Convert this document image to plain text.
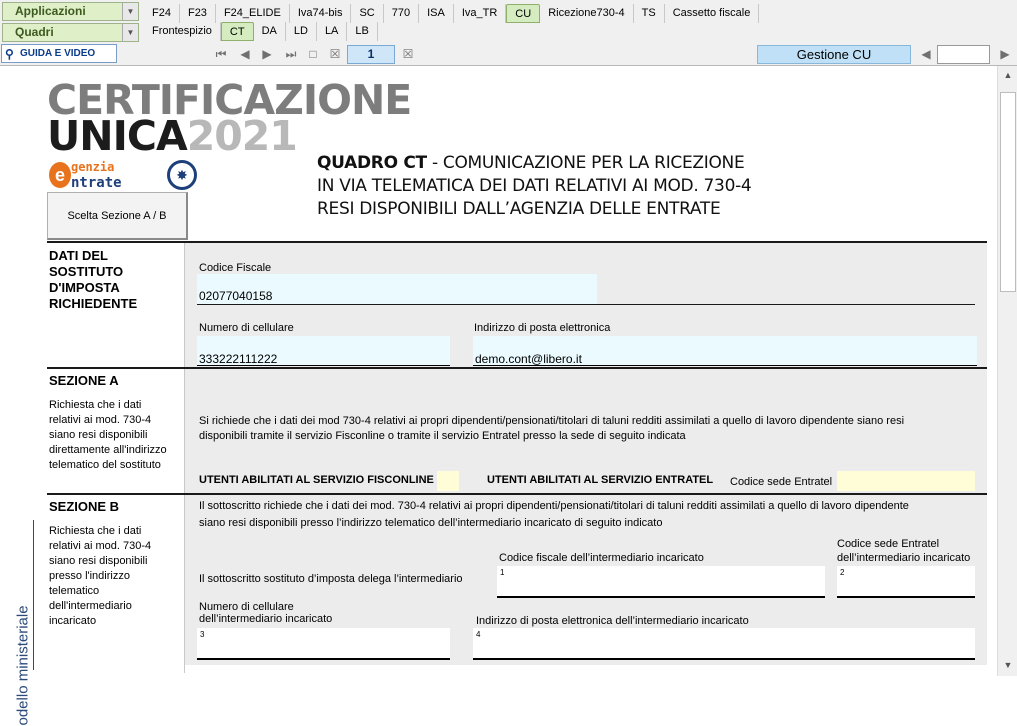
Applicazioni	▼
Quadri	▼
F24	F23	F24_ELIDE	Iva74-bis	SC	770	ISA	Iva_TR	CU	Ricezione730-4	TS	Cassetto fiscale
Frontespizio	CT	DA	LD	LA	LB
⚲ GUIDA E VIDEO	⏮ ◀ ▶ ⏭	□	☒	1	☒	Gestione CU	◀	▶
odello ministeriale
CERTIFICAZIONE
UNICA2021
genzia
e ntrate	✸
Scelta Sezione A / B
QUADRO CT - COMUNICAZIONE PER LA RICEZIONE
IN VIA TELEMATICA DEI DATI RELATIVI AI MOD. 730-4
RESI DISPONIBILI DALL’AGENZIA DELLE ENTRATE
DATI DEL SOSTITUTO D'IMPOSTA RICHIEDENTE
Codice Fiscale
02077040158
Numero di cellulare
333222111222
Indirizzo di posta elettronica
demo.cont@libero.it
SEZIONE A
Richiesta che i dati relativi ai mod. 730-4 siano resi disponibili direttamente all'indirizzo telematico del sostituto
Si richiede che i dati dei mod 730-4 relativi ai propri dipendenti/pensionati/titolari di taluni redditi assimilati a quello di lavoro dipendente siano resi
disponibili tramite il servizio Fisconline o tramite il servizio Entratel presso la sede di seguito indicata
UTENTI ABILITATI AL SERVIZIO FISCONLINE	UTENTI ABILITATI AL SERVIZIO ENTRATEL Codice sede Entratel
SEZIONE B
Richiesta che i dati relativi ai mod. 730-4 siano resi disponibili presso l'indirizzo telematico dell'intermediario incaricato
Il sottoscritto richiede che i dati dei mod. 730-4 relativi ai propri dipendenti/pensionati/titolari di taluni redditi assimilati a quello di lavoro dipendente
siano resi disponibili presso l’indirizzo telematico dell’intermediario incaricato di seguito indicato
Il sottoscritto sostituto d’imposta delega l’intermediario
Codice fiscale dell’intermediario incaricato
1
Codice sede Entratel
dell’intermediario incaricato
2
Numero di cellulare
dell’intermediario incaricato
3
Indirizzo di posta elettronica dell’intermediario incaricato
4
▲
▼
